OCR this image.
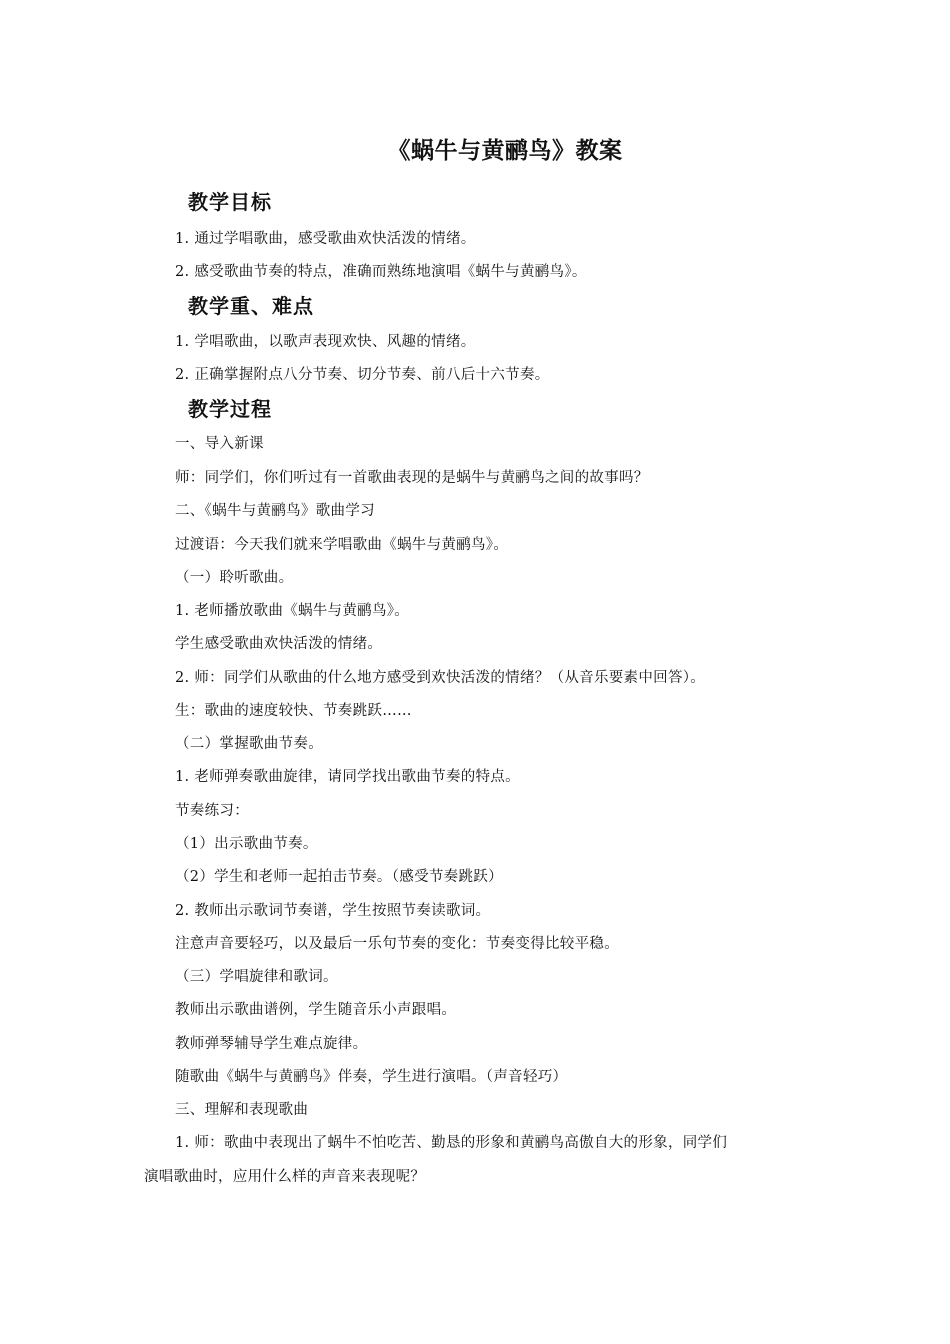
《蜗牛与黄鹂鸟》教案
教学目标
1. 通过学唱歌曲，感受歌曲欢快活泼的情绪。
2. 感受歌曲节奏的特点，准确而熟练地演唱《蜗牛与黄鹂鸟》。
教学重、难点
1. 学唱歌曲，以歌声表现欢快、风趣的情绪。
2. 正确掌握附点八分节奏、切分节奏、前八后十六节奏。
教学过程
一、导入新课
师：同学们，你们听过有一首歌曲表现的是蜗牛与黄鹂鸟之间的故事吗？
二、《蜗牛与黄鹂鸟》歌曲学习
过渡语：今天我们就来学唱歌曲《蜗牛与黄鹂鸟》。
（一）聆听歌曲。
1. 老师播放歌曲《蜗牛与黄鹂鸟》。
学生感受歌曲欢快活泼的情绪。
2. 师：同学们从歌曲的什么地方感受到欢快活泼的情绪？（从音乐要素中回答）。
生：歌曲的速度较快、节奏跳跃……
（二）掌握歌曲节奏。
1. 老师弹奏歌曲旋律，请同学找出歌曲节奏的特点。
节奏练习：
（1）出示歌曲节奏。
（2）学生和老师一起拍击节奏。（感受节奏跳跃）
2. 教师出示歌词节奏谱，学生按照节奏读歌词。
注意声音要轻巧，以及最后一乐句节奏的变化：节奏变得比较平稳。
（三）学唱旋律和歌词。
教师出示歌曲谱例，学生随音乐小声跟唱。
教师弹琴辅导学生难点旋律。
随歌曲《蜗牛与黄鹂鸟》伴奏，学生进行演唱。（声音轻巧）
三、理解和表现歌曲
1. 师：歌曲中表现出了蜗牛不怕吃苦、勤恳的形象和黄鹂鸟高傲自大的形象，同学们
演唱歌曲时，应用什么样的声音来表现呢？
